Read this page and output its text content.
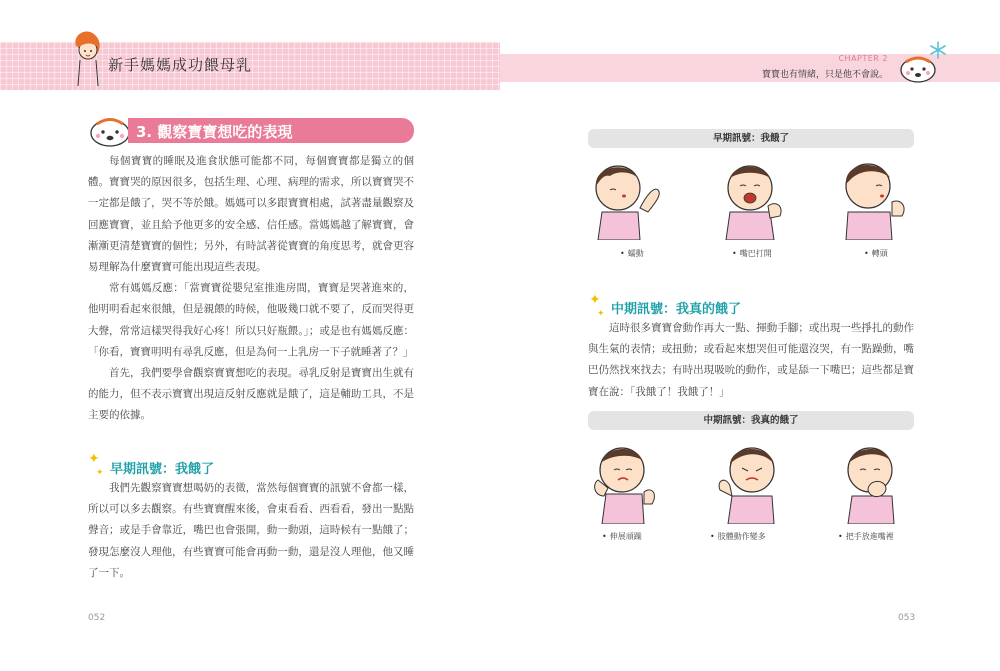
新手媽媽成功餵母乳	CHAPTER 2
寶寶也有情緒，只是他不會說。
3. 觀察寶寶想吃的表現

每個寶寶的睡眠及進食狀態可能都不同，每個寶寶都是獨立的個體。寶寶哭的原因很多，包括生理、心理、病理的需求，所以寶寶哭不一定都是餓了，哭不等於餓。媽媽可以多跟寶寶相處，試著盡量觀察及回應寶寶，並且給予他更多的安全感、信任感。當媽媽越了解寶寶，會漸漸更清楚寶寶的個性；另外，有時試著從寶寶的角度思考，就會更容易理解為什麼寶寶可能出現這些表現。

常有媽媽反應：「當寶寶從嬰兒室推進房間，寶寶是哭著進來的，他明明看起來很餓，但是親餵的時候，他吸幾口就不要了，反而哭得更大聲，常常這樣哭得我好心疼！所以只好瓶餵。」；或是也有媽媽反應：「你看，寶寶明明有尋乳反應，但是為何一上乳房一下子就睡著了？」

首先，我們要學會觀察寶寶想吃的表現。尋乳反射是寶寶出生就有的能力，但不表示寶寶出現這反射反應就是餓了，這是輔助工具，不是主要的依據。

✦
✦ 早期訊號：我餓了

我們先觀察寶寶想喝奶的表徵，當然每個寶寶的訊號不會都一樣，所以可以多去觀察。有些寶寶醒來後，會東看看、西看看，發出一點點聲音；或是手會靠近，嘴巴也會張開，動一動頭，這時候有一點餓了；發現怎麼沒人理他，有些寶寶可能會再動一動，還是沒人理他，他又睡了一下。

052
早期訊號：我餓了
• 蠕動	• 嘴巴打開	• 轉頭
✦
✦ 中期訊號：我真的餓了

這時很多寶寶會動作再大一點、揮動手腳；或出現一些掙扎的動作與生氣的表情；或扭動；或看起來想哭但可能還沒哭，有一點躁動，嘴巴仍然找來找去；有時出現吸吮的動作，或是舔一下嘴巴；這些都是寶寶在說：「我餓了！我餓了！」

中期訊號：我真的餓了
• 伸展頑躁	• 肢體動作變多	• 把手放進嘴裡
053
